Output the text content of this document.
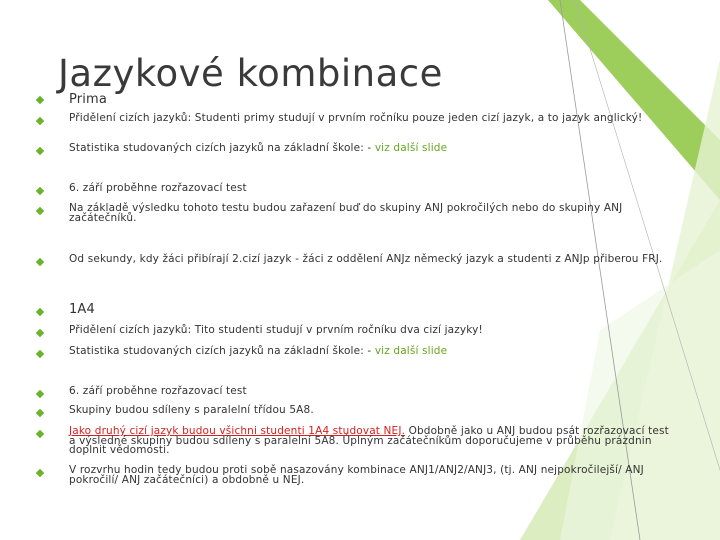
Jazykové kombinace
Prima
Přidělení cizích jazyků: Studenti primy studují v prvním ročníku pouze jeden cizí jazyk, a to jazyk anglický!
Statistika studovaných cizích jazyků na základní škole: - viz další slide
6. září proběhne rozřazovací test
Na základě výsledku tohoto testu budou zařazení buď do skupiny ANJ pokročilých nebo do skupiny ANJ začátečníků.
Od sekundy, kdy žáci přibírají 2.cizí jazyk - žáci z oddělení ANJz německý jazyk a studenti z ANJp přiberou FRJ.
1A4
Přidělení cizích jazyků: Tito studenti studují v prvním ročníku dva cizí jazyky!
Statistika studovaných cizích jazyků na základní škole: - viz další slide
6. září proběhne rozřazovací test
Skupiny budou sdíleny s paralelní třídou 5A8.
Jako druhý cizí jazyk budou všichni studenti 1A4 studovat NEJ. Obdobně jako u ANJ budou psát rozřazovací test a výsledné skupiny budou sdíleny s paralelní 5A8. Úplným začátečníkům doporučujeme v průběhu prázdnin doplnit vědomosti.
V rozvrhu hodin tedy budou proti sobě nasazovány kombinace ANJ1/ANJ2/ANJ3, (tj. ANJ nejpokročilejší/ ANJ pokročilí/ ANJ začátečníci) a obdobně u NEJ.
